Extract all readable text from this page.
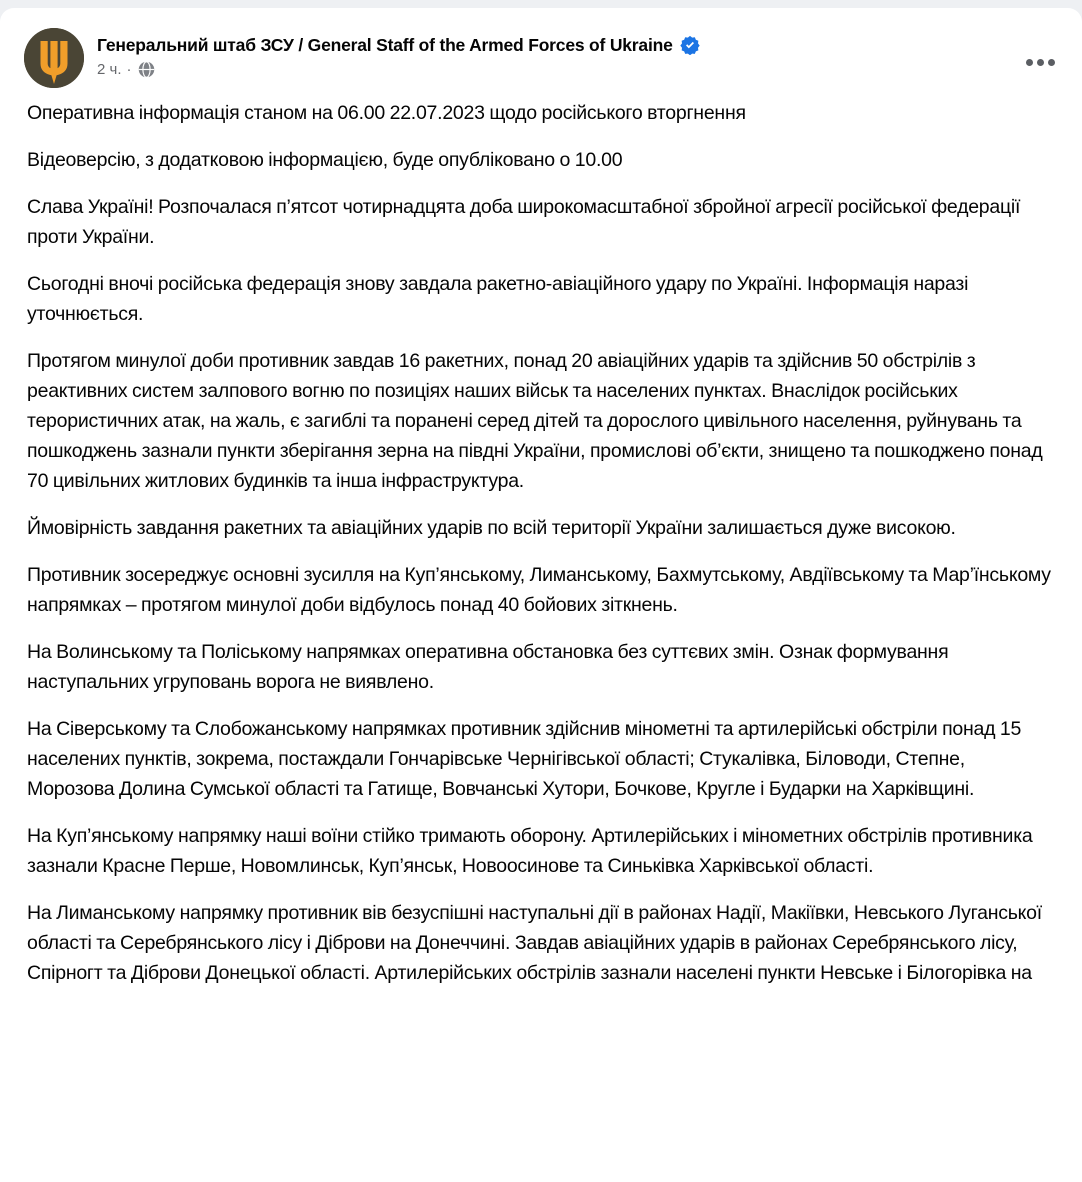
Генеральний штаб ЗСУ / General Staff of the Armed Forces of Ukraine
2 ч. ·

Оперативна інформація станом на 06.00 22.07.2023 щодо російського вторгнення

Відеоверсію, з додатковою інформацією, буде опубліковано о 10.00

Слава Україні! Розпочалася п’ятсот чотирнадцята доба широкомасштабної збройної агресії російської федерації проти України.

Сьогодні вночі російська федерація знову завдала ракетно-авіаційного удару по Україні. Інформація наразі уточнюється.

Протягом минулої доби противник завдав 16 ракетних, понад 20 авіаційних ударів та здійснив 50 обстрілів з реактивних систем залпового вогню по позиціях наших військ та населених пунктах. Внаслідок російських терористичних атак, на жаль, є загиблі та поранені серед дітей та дорослого цивільного населення, руйнувань та пошкоджень зазнали пункти зберігання зерна на півдні України, промислові об’єкти, знищено та пошкоджено понад 70 цивільних житлових будинків та інша інфраструктура.

Ймовірність завдання ракетних та авіаційних ударів по всій території України залишається дуже високою.

Противник зосереджує основні зусилля на Куп’янському, Лиманському, Бахмутському, Авдіївському та Мар’їнському напрямках – протягом минулої доби відбулось понад 40 бойових зіткнень.

На Волинському та Поліському напрямках оперативна обстановка без суттєвих змін. Ознак формування наступальних угруповань ворога не виявлено.

На Сіверському та Слобожанському напрямках противник здійснив мінометні та артилерійські обстріли понад 15 населених пунктів, зокрема, постаждали Гончарівське Чернігівської області; Стукалівка, Біловоди, Степне, Морозова Долина Сумської області та Гатище, Вовчанські Хутори, Бочкове, Кругле і Бударки на Харківщині.

На Куп’янському напрямку наші воїни стійко тримають оборону. Артилерійських і мінометних обстрілів противника зазнали Красне Перше, Новомлинськ, Куп’янськ, Новоосинове та Синьківка Харківської області.

На Лиманському напрямку противник вів безуспішні наступальні дії в районах Надії, Макіївки, Невського Луганської області та Серебрянського лісу і Діброви на Донеччині. Завдав авіаційних ударів в районах Серебрянського лісу, Спірногт та Діброви Донецької області. Артилерійських обстрілів зазнали населені пункти Невське і Білогорівка на
